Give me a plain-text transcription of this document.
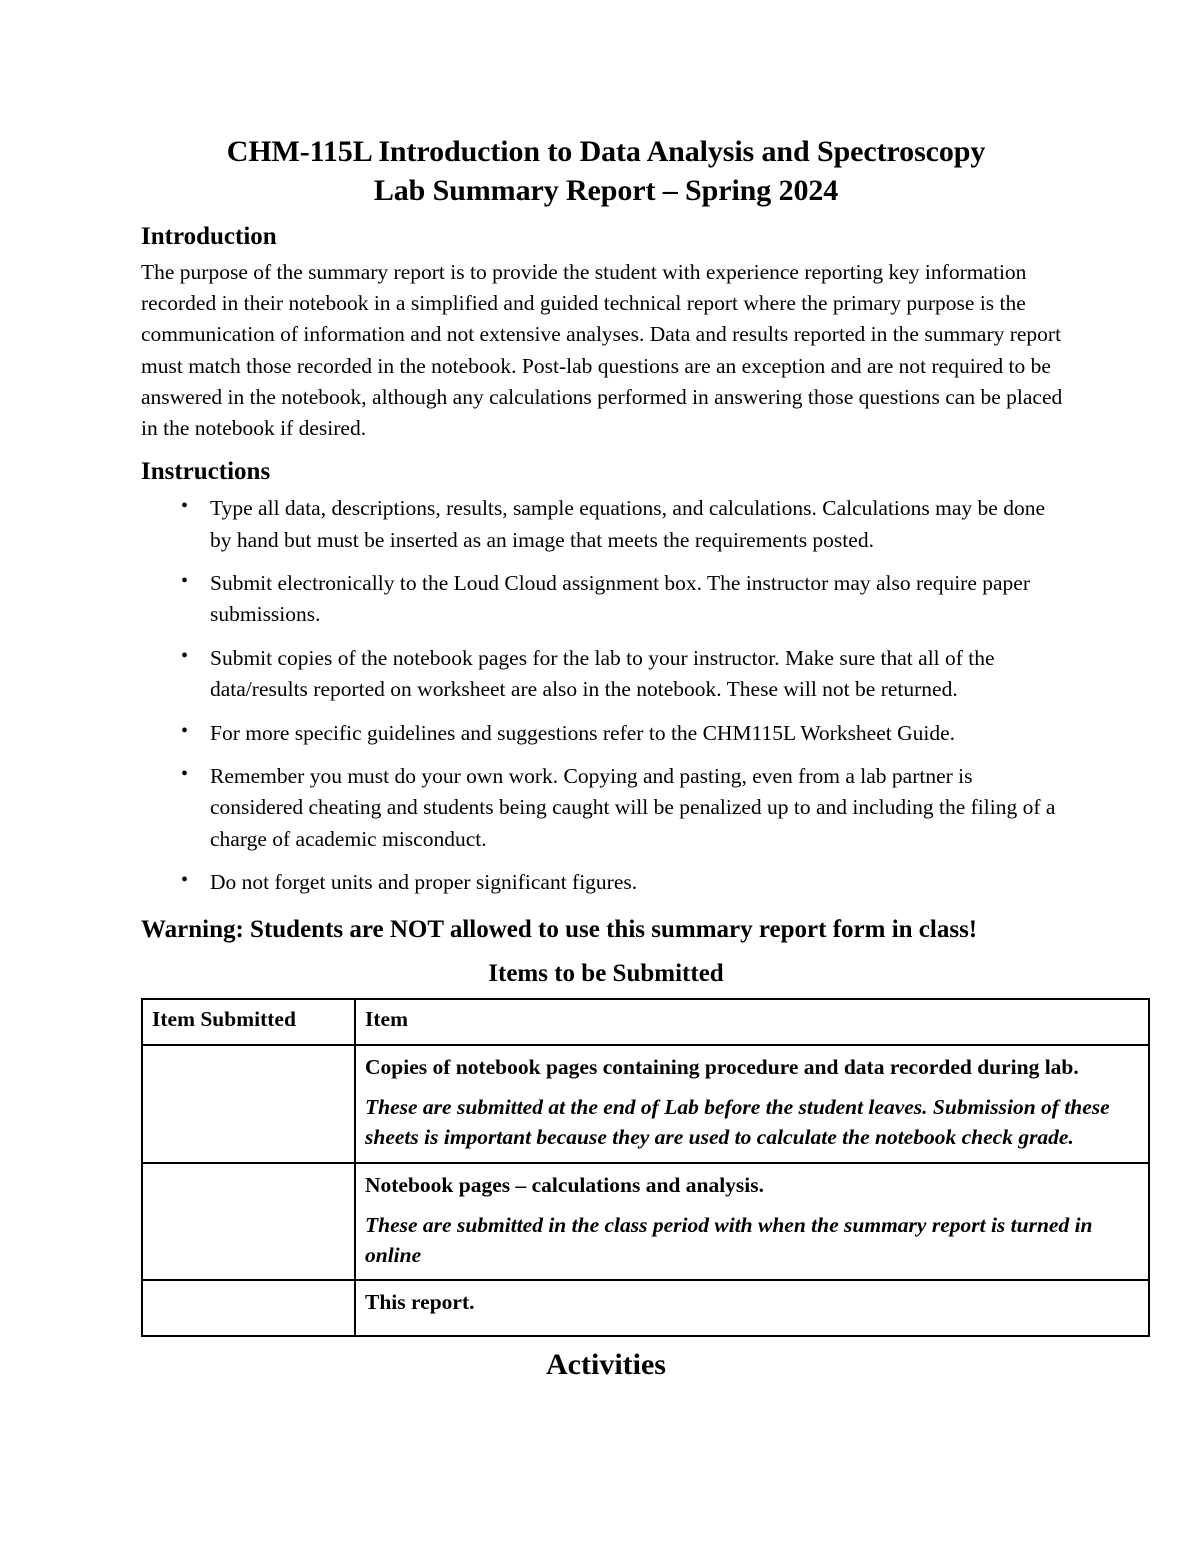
CHM-115L Introduction to Data Analysis and Spectroscopy
Lab Summary Report – Spring 2024
Introduction

The purpose of the summary report is to provide the student with experience reporting key information recorded in their notebook in a simplified and guided technical report where the primary purpose is the communication of information and not extensive analyses. Data and results reported in the summary report must match those recorded in the notebook. Post-lab questions are an exception and are not required to be answered in the notebook, although any calculations performed in answering those questions can be placed in the notebook if desired.

Instructions
• Type all data, descriptions, results, sample equations, and calculations. Calculations may be done by hand but must be inserted as an image that meets the requirements posted.
• Submit electronically to the Loud Cloud assignment box. The instructor may also require paper submissions.
• Submit copies of the notebook pages for the lab to your instructor. Make sure that all of the data/results reported on worksheet are also in the notebook. These will not be returned.
• For more specific guidelines and suggestions refer to the CHM115L Worksheet Guide.
• Remember you must do your own work. Copying and pasting, even from a lab partner is considered cheating and students being caught will be penalized up to and including the filing of a charge of academic misconduct.
• Do not forget units and proper significant figures.
Warning: Students are NOT allowed to use this summary report form in class!
Items to be Submitted
Item Submitted	Item

	Copies of notebook pages containing procedure and data recorded during lab.

These are submitted at the end of Lab before the student leaves. Submission of these sheets is important because they are used to calculate the notebook check grade.

	Notebook pages – calculations and analysis.

These are submitted in the class period with when the summary report is turned in online

	This report.

Activities
